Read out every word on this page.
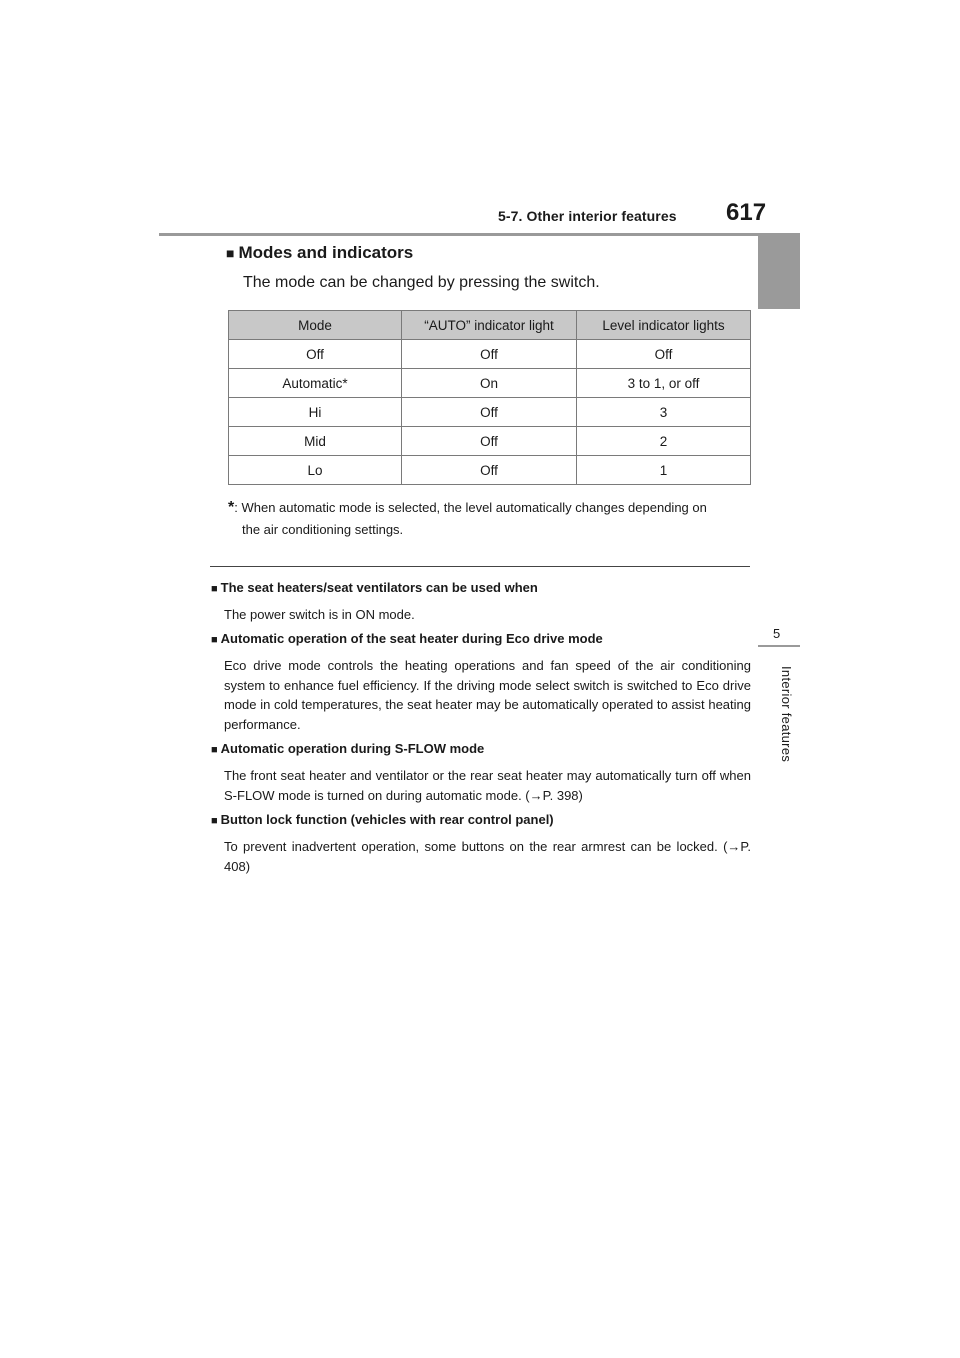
5-7. Other interior features 617
5
Interior features
■ Modes and indicators
The mode can be changed by pressing the switch.
Mode	“AUTO” indicator light	Level indicator lights
Off	Off	Off
Automatic*	On	3 to 1, or off
Hi	Off	3
Mid	Off	2
Lo	Off	1
*: When automatic mode is selected, the level automatically changes depending on
the air conditioning settings.
■ The seat heaters/seat ventilators can be used when
The power switch is in ON mode.
■ Automatic operation of the seat heater during Eco drive mode
Eco drive mode controls the heating operations and fan speed of the air conditioning system to enhance fuel efficiency. If the driving mode select switch is switched to Eco drive mode in cold temperatures, the seat heater may be automatically operated to assist heating performance.
■ Automatic operation during S-FLOW mode
The front seat heater and ventilator or the rear seat heater may automatically turn off when S-FLOW mode is turned on during automatic mode. (→P. 398)
■ Button lock function (vehicles with rear control panel)
To prevent inadvertent operation, some buttons on the rear armrest can be locked. (→P. 408)
